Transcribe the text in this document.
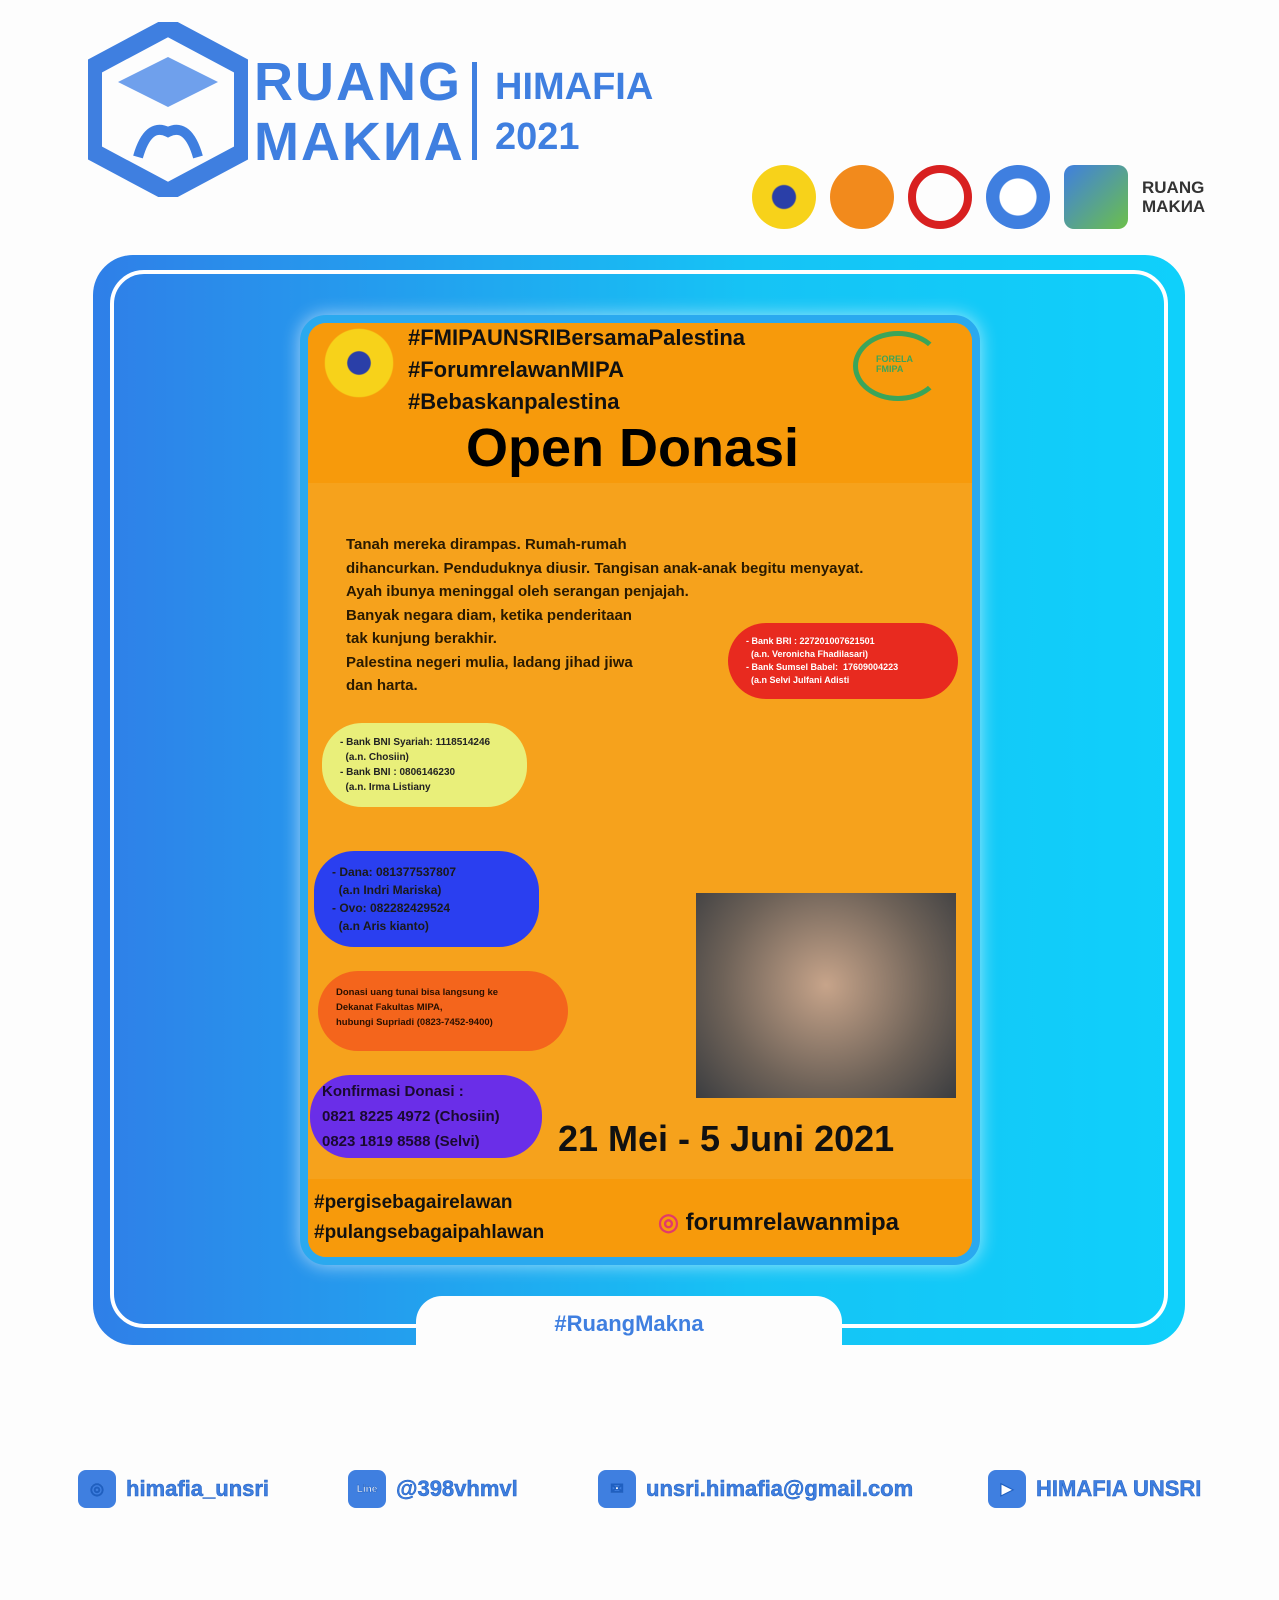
RUANG
MAKИA
HIMAFIA
2021
RUANG
MAKИA
#RuangMakna
FORELA FMIPA
#FMIPAUNSRIBersamaPalestina
#ForumrelawanMIPA
#Bebaskanpalestina
Open Donasi
Tanah mereka dirampas. Rumah-rumah
dihancurkan. Penduduknya diusir. Tangisan anak-anak begitu menyayat.
Ayah ibunya meninggal oleh serangan penjajah.
Banyak negara diam, ketika penderitaan
tak kunjung berakhir.
Palestina negeri mulia, ladang jihad jiwa
dan harta.
- Bank BRI : 227201007621501
(a.n. Veronicha Fhadilasari)
- Bank Sumsel Babel:  17609004223
(a.n Selvi Julfani Adisti
- Bank BNI Syariah: 1118514246
(a.n. Chosiin)
- Bank BNI : 0806146230
(a.n. Irma Listiany
- Dana: 081377537807
(a.n Indri Mariska)
- Ovo: 082282429524
(a.n Aris kianto)
Donasi uang tunai bisa langsung ke
Dekanat Fakultas MIPA,
hubungi Supriadi (0823-7452-9400)
Konfirmasi Donasi :
0821 8225 4972 (Chosiin)
0823 1819 8588 (Selvi)	21 Mei - 5 Juni 2021
#pergisebagairelawan
#pulangsebagaipahlawan	◎ forumrelawanmipa
◎	himafia_unsri	Line @398vhmvl	✉	unsri.himafia@gmail.com	▶	HIMAFIA UNSRI
